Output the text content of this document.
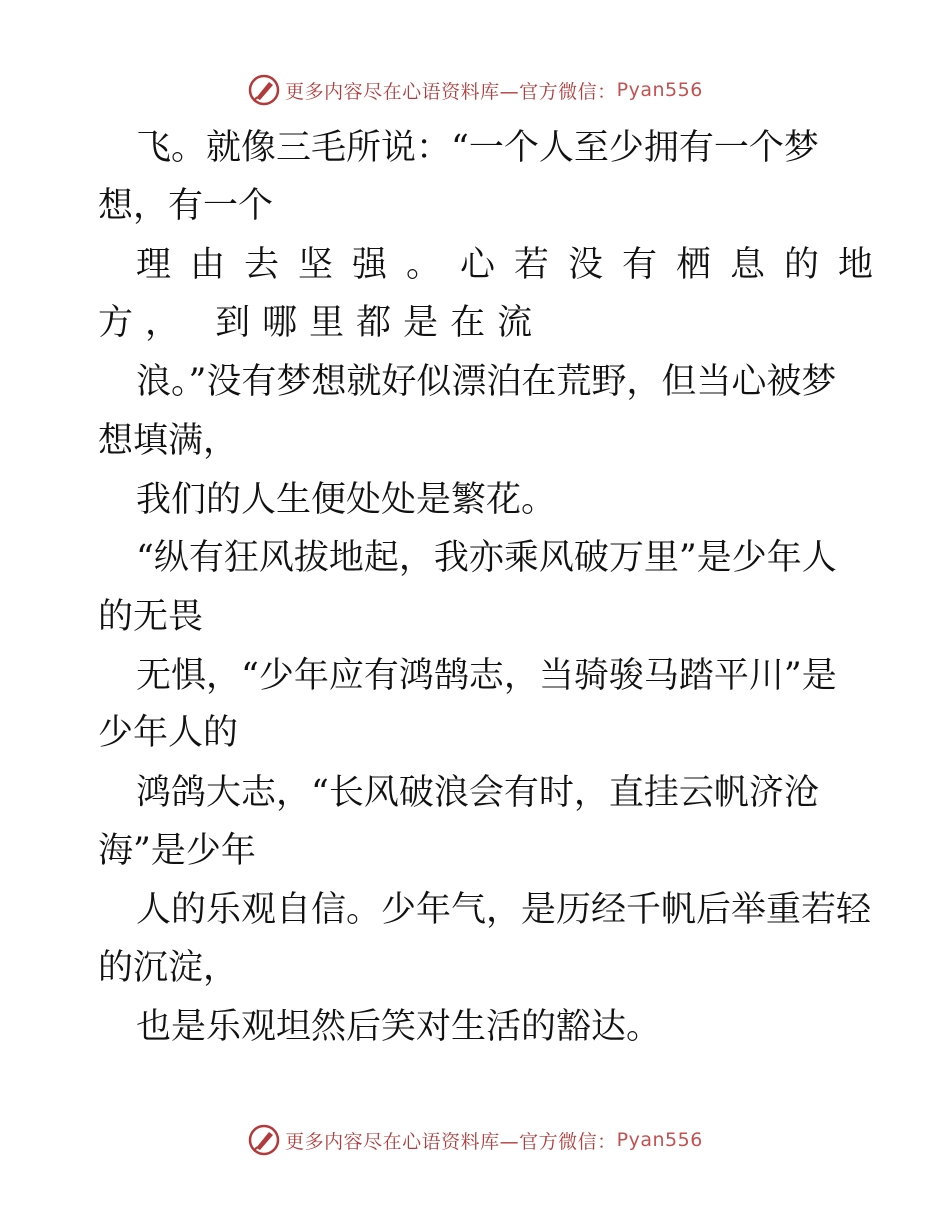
更多内容尽在心语资料库—官方微信： Pyan556
飞。就像三毛所说：“一个人至少拥有一个梦
想，有一个
理由去坚强。心若没有栖息的地
方， 到哪里都是在流
浪。”没有梦想就好似漂泊在荒野，但当心被梦
想填满，
我们的人生便处处是繁花。
“纵有狂风拔地起，我亦乘风破万里”是少年人
的无畏
无惧，“少年应有鸿鹄志，当骑骏马踏平川”是
少年人的
鸿鸽大志，“长风破浪会有时，直挂云帆济沧
海”是少年
人的乐观自信。少年气，是历经千帆后举重若轻
的沉淀，
也是乐观坦然后笑对生活的豁达。
更多内容尽在心语资料库—官方微信： Pyan556
